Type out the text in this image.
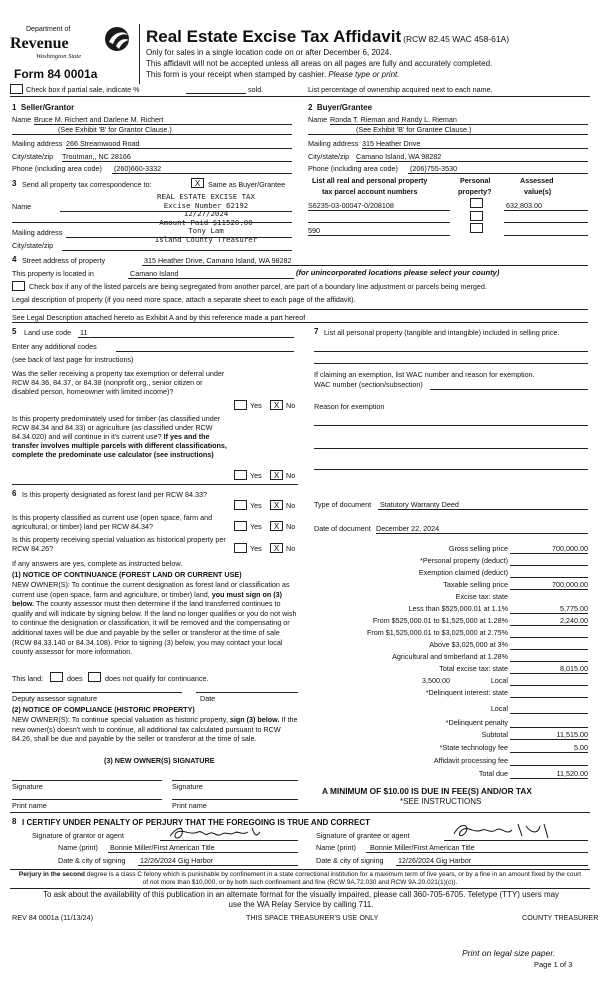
Department of
Revenue
Washington State
Form 84 0001a
Real Estate Excise Tax Affidavit (RCW 82.45 WAC 458-61A)
Only for sales in a single location code on or after December 6, 2024.
This affidavit will not be accepted unless all areas on all pages are fully and accurately completed.
This form is your receipt when stamped by cashier. Please type or print.
Check box if partial sale, indicate %	sold.	List percentage of ownership acquired next to each name.
1 Seller/Grantor
Name Bruce M. Richert and Darlene M. Richert
(See Exhibit 'B' for Grantor Clause.)
Mailing address 266 Streamwood Road
City/state/zip Troutman,, NC 28166
Phone (including area code) (260)660-3332
2 Buyer/Grantee
Name Ronda T. Rieman and Randy L. Rieman
(See Exhibit 'B' for Grantee Clause.)
Mailing address 315 Heather Drive
City/state/zip Camano Island, WA 98282
Phone (including area code) (206)755-3530
3 Send all property tax correspondence to:	X	Same as Buyer/Grantee
Name
Mailing address
City/state/zip
REAL ESTATE EXCISE TAX
Excise Number 62192
12/27/2024
Amount Paid $11520.00
Tony Lam
Island County Treasurer
List all real and personal property
tax parcel account numbers
Personal
property?
Assessed
value(s)
S6235-03-00047-0/208108	632,803.00
590
4 Street address of property	315 Heather Drive, Camano Island, WA 98282
This property is located in	Camano Island	(for unincorporated locations please select your county)
Check box if any of the listed parcels are being segregated from another parcel, are part of a boundary line adjustment or parcels being merged.
Legal description of property (if you need more space, attach a separate sheet to each page of the affidavit).
See Legal Description attached hereto as Exhibit A and by this reference made a part hereof
5 Land use code 11
Enter any additional codes
(see back of last page for instructions)
Was the seller receiving a property tax exemption or deferral under RCW 84.36, 84.37, or 84.38 (nonprofit org., senior citizen or disabled person, homeowner with limited income)?
Yes	X No
Is this property predominately used for timber (as classified under RCW 84.34 and 84.33) or agriculture (as classified under RCW 84.34.020) and will continue in it's current use? If yes and the transfer involves multiple parcels with different classifications, complete the predominate use calculator (see instructions)
Yes	X No
7 List all personal property (tangible and intangible) included in selling price.
If claiming an exemption, list WAC number and reason for exemption.
WAC number (section/subsection)
Reason for exemption
6 Is this property designated as forest land per RCW 84.33?
Yes	X No
Is this property classified as current use (open space, farm and agricultural, or timber) land per RCW 84.34?	Yes	X No
Is this property receiving special valuation as historical property per RCW 84.26?	Yes	X No
If any answers are yes, complete as instructed below.
(1) NOTICE OF CONTINUANCE (FOREST LAND OR CURRENT USE)
NEW OWNER(S): To continue the current designation as forest land or classification as current use (open space, farm and agriculture, or timber) land, you must sign on (3) below. The county assessor must then determine if the land transferred continues to qualify and will indicate by signing below. If the land no longer qualifies or you do not wish to continue the designation or classification, it will be removed and the compensating or additional taxes will be due and payable by the seller or transferor at the time of sale (RCW 84.33.140 or 84.34.108). Prior to signing (3) below, you may contact your local county assessor for more information.
This land:	does	does not qualify for continuance.
Deputy assessor signature	Date
(2) NOTICE OF COMPLIANCE (HISTORIC PROPERTY)
NEW OWNER(S): To continue special valuation as historic property, sign (3) below. If the new owner(s) doesn't wish to continue, all additional tax calculated pursuant to RCW 84.26, shall be due and payable by the seller or transferor at the time of sale.
(3) NEW OWNER(S) SIGNATURE
Signature	Signature
Print name	Print name
Type of document Statutory Warranty Deed
Date of document December 22, 2024
Gross selling price	700,000.00
*Personal property (deduct)
Exemption claimed (deduct)
Taxable selling price	700,000.00
Excise tax: state
Less than $525,000.01 at 1.1%	5,775.00
From $525,000.01 to $1,525,000 at 1.28%	2,240.00
From $1,525,000.01 to $3,025,000 at 2.75%
Above $3,025,000 at 3%
Agricultural and timberland at 1.28%
Total excise tax: state	8,015.00
3,500.00	Local
*Delinquent interest: state
Local
*Delinquent penalty
Subtotal	11,515.00
*State technology fee	5.00
Affidavit processing fee
Total due	11,520.00
A MINIMUM OF $10.00 IS DUE IN FEE(S) AND/OR TAX
*SEE INSTRUCTIONS
8 I CERTIFY UNDER PENALTY OF PERJURY THAT THE FOREGOING IS TRUE AND CORRECT
Signature of grantor or agent
Name (print) Bonnie Miller/First American Title
Date & city of signing 12/26/2024 Gig Harbor
Signature of grantee or agent
Name (print) Bonnie Miller/First American Title
Date & city of signing 12/26/2024 Gig Harbor
Perjury in the second degree is a class C felony which is punishable by confinement in a state correctional institution for a maximum term of five years, or by a fine in an amount fixed by the court of not more than $10,000, or by both such confinement and fine (RCW 9A.72.030 and RCW 9A.20.021(1)(c)).
To ask about the availability of this publication in an alternate format for the visually impaired, please call 360-705-6705. Teletype (TTY) users may use the WA Relay Service by calling 711.
REV 84 0001a (11/13/24)	THIS SPACE TREASURER'S USE ONLY	COUNTY TREASURER
Print on legal size paper.
Page 1 of 3
